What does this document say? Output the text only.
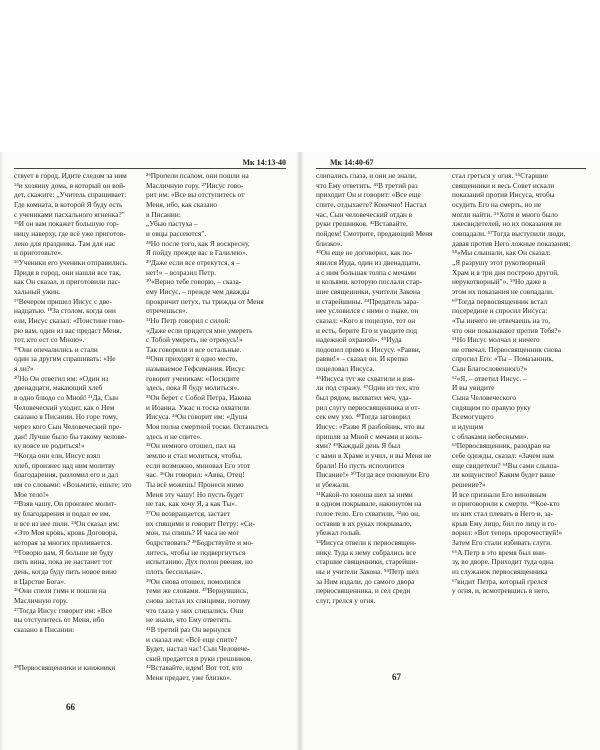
Мк 14:13-40
ствует в город. Идите следом за ним
¹⁴и хозяину дома, в который он вой-
дет, скажите: „Учитель спрашивает:
Где комната, в которой Я буду есть
с учениками пасхального ягненка?"
¹⁵И он вам покажет большую гор-
ницу наверху, где всё уже приготов-
лено для праздника. Там для нас
и приготовьте».
¹⁶Ученики его ученики отправились.
Придя в город, они нашли все так,
как Он сказал, и приготовили пас-
хальный ужин.
¹⁷Вечером пришел Иисус с две-
надцатью. ¹⁸За столом, когда они
ели, Иисус сказал: «Поистине гово-
рю вам, один из вас предаст Меня,
тот, кто ест со Мною».
¹⁹Они опечалились и стали
один за другим спрашивать: «Не
я ли?»
²⁰Но Он ответил им: «Один из
двенадцати, макающий хлеб
в одно блюдо со Мной! ²¹Да, Сын
Человеческий уходит, как о Нем
сказано в Писании. Но горе тому,
через кого Сын Человеческий пре-
дан! Лучше было бы такому челове-
ку вовсе не родиться!»
²²Когда они ели, Иисус взял
хлеб, произнес над ним молитву
благодарения, разломил его и дал
им со словами: «Возьмите, ешьте; это
Мое тело!»
²³Взяв чашу, Он произнес молит-
ву благодарения и подал ее им,
и все из нее пили. ²⁴Он сказал им:
«Это Моя кровь, кровь Договора,
которая за многих проливается.
²⁵Говорю вам, Я больше не буду
пить вина, пока не настанет тот
день, когда буду пить новое вино
в Царстве Бога».
²⁶Они спели гимн и пошли на
Масличную гору.
²⁷Тогда Иисус говорит им: «Все
вы отступитесь от Меня, ибо
сказано в Писании:

²⁸Первосвященники и книжники
²⁶Пропели псалом, они пошли на
Масличную гору. ²⁷Иисус гово-
рит им: «Все вы отступитесь от
Меня, ибо, как сказано
в Писании:
„Убью пастуха –
и овцы рассеются".
²⁸Но после того, как Я воскресну,
Я пойду прежде вас в Галилею».
²⁹Даже если все отрекутся, я –
нет!» – возразил Петр.
³⁰«Верно тебе говорю, – сказа-
ему Иисус, – прежде чем дважды
прокричит петух, ты трижды от Меня
отречешься».
³¹Но Петр говорил с силой:
«Даже если придется мне умереть
с Тобой умереть, не отрекусь!»
Так говорили и все остальные.
³²Они приходят в одно место,
называемое Гефсимания. Иисус
говорит ученикам: «Посидите
здесь, пока Я буду молиться».
³³Он берет с Собой Петра, Иакова
и Иоанна. Ужас и тоска охватили
Иисуса. ³⁴Он говорит им: «Душа
Моя полна смертной тоски. Останьтесь
здесь и не спите».
³⁵Он немного отошел, пал на
землю и стал молиться, чтобы,
если возможно, миновал Его этот
час. ³⁶Он говорил: «Авва, Отец!
Ты всё можешь! Пронеси мимо
Меня эту чашу! Но пусть будет
не так, как хочу Я, а как Ты».
³⁷Он возвращается, застает
их спящими и говорит Петру: «Си-
мон, ты спишь? И часа не мог
бодрствовать? ³⁸Бодрствуйте и мо-
литесь, чтобы не подвергнуться
испытанию. Дух полон рвения, но
плоть бессильна».
³⁹Он снова отошел, помолился
теми же словами. ⁴⁰Вернувшись,
снова застал их спящими, потому
что глаза у них слипались. Они
не знали, что Ему ответить.
⁴¹В третий раз Он вернулся
и сказал им: «Всё еще спите?
Будет, настал час! Сын Человече-
ский предается в руки грешников.
⁴²Вставайте, идем! Вот тот, кто
Меня предает, уже близко».
66
Мк 14:40-67
слипались глаза, и они не знали,
что Ему ответить. ⁴¹В третий раз
приходит Он и говорит: «Все еще
спите, отдыхаете? Конечно! Настал
час, Сын человеческий отдан в
руки грешников. ⁴²Вставайте,
пойдем! Смотрите, предающий Меня
близко».
⁴³Он еще не договорил, как по-
явился Иуда, один из двенадцати,
а с ним большая толпа с мечами
и кольями, которую послали стар-
шие священники, учители Закона
и старейшины. ⁴⁴Предатель зара-
нее условился с ними о знаке, он
сказал: «Кого я поцелую, тот он
и есть, берите Его и уводите под
надежной охраной». ⁴⁵Иуда
подошел прямо к Иисусу. «Равви,
равви!» – сказал он. И крепко
поцеловал Иисуса.
⁴⁶Иисуса тут же схватили и взя-
ли под стражу. ⁴⁷Один из тех, кто
был рядом, выхватил меч, уда-
рил слугу первосвященника и от-
сек ему ухо. ⁴⁸Тогда заговорил
Иисус: «Разве Я разбойник, что вы
пришли за Мной с мечами и коль-
ями? ⁴⁹Каждый день Я был
с вами в Храме и учил, и вы Меня не
брали! Но пусть исполнится
Писание!» ⁵⁰Тогда все покинули Его
и убежали.
⁵¹Какой-то юноша шел за ними
в одном покрывале, накинутом на
голое тело. Его схватили, ⁵²но он,
оставив в их руках покрывало,
убежал голый.
⁵³Иисуса отвели к первосвящен-
нику. Туда к нему собрались все
старшие священники, старейши-
ны и учители Закона. ⁵⁴Петр шел
за Ним издали, до самого двора
первосвященника, и сел среди
слуг, грелся у огня.
стал греться у огня. ⁵⁵Старшие
священники и весь Совет искали
показаний против Иисуса, чтобы
осудить Его на смерть, но не
могли найти. ⁵⁶Хотя и много было
лжесвидетелей, но их показания не
совпадали. ⁵⁷Тогда выступили люди,
давая против Него ложные показания:
⁵⁸«Мы слышали, как Он сказал:
„Я разрушу этот рукотворный
Храм и в три дня построю другой,
нерукотворный"». ⁵⁹Но даже в
этом их показания не совпадали.
⁶⁰Тогда первосвященник встал
посередине и спросил Иисуса:
«Ты ничего не отвечаешь на то,
что они показывают против Тебя?»
⁶¹Но Иисус молчал и ничего
не отвечал. Первосвященник снова
спросил Его: «Ты – Помазанник,
Сын Благословенного?»
⁶²«Я, – ответил Иисус. –
И вы увидите
Сына Человеческого
сидящим по правую руку
Всемогущего
и идущим
с облаками небесными».
⁶³Первосвященник, разодрав на
себе одежды, сказал: «Зачем нам
еще свидетели? ⁶⁴Вы сами слыша-
ли кощунство! Каким будет ваше
решение?»
И все признали Его виновным
и приговорили к смерти. ⁶⁵Кое-кто
из них стал плевать в Него и, за-
крыв Ему лицо, бил по лицу и го-
ворил: «Вот теперь пророчествуй!»
Затем Его стали избивать слуги.
⁶⁶А Петр в это время был вни-
зу, во дворе. Приходит туда одна
из служанок первосвященника
⁶⁷видит Петра, который грелся
у огня, и, всмотревшись в него,
67
